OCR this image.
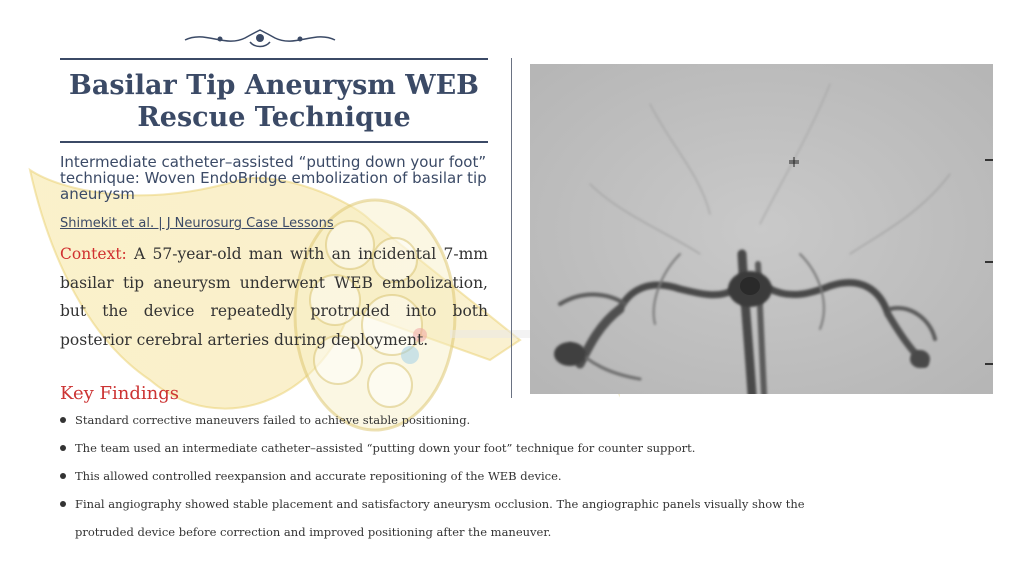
Basilar Tip Aneurysm WEB Rescue Technique
Intermediate catheter–assisted “putting down your foot” technique: Woven EndoBridge embolization of basilar tip aneurysm
Shimekit et al. | J Neurosurg Case Lessons
Context: A 57-year-old man with an incidental 7-mm basilar tip aneurysm underwent WEB embolization, but the device repeatedly protruded into both posterior cerebral arteries during deployment.
Key Findings
Standard corrective maneuvers failed to achieve stable positioning.
The team used an intermediate catheter–assisted “putting down your foot” technique for counter support.
This allowed controlled reexpansion and accurate repositioning of the WEB device.
Final angiography showed stable placement and satisfactory aneurysm occlusion. The angiographic panels visually show the protruded device before correction and improved positioning after the maneuver.
